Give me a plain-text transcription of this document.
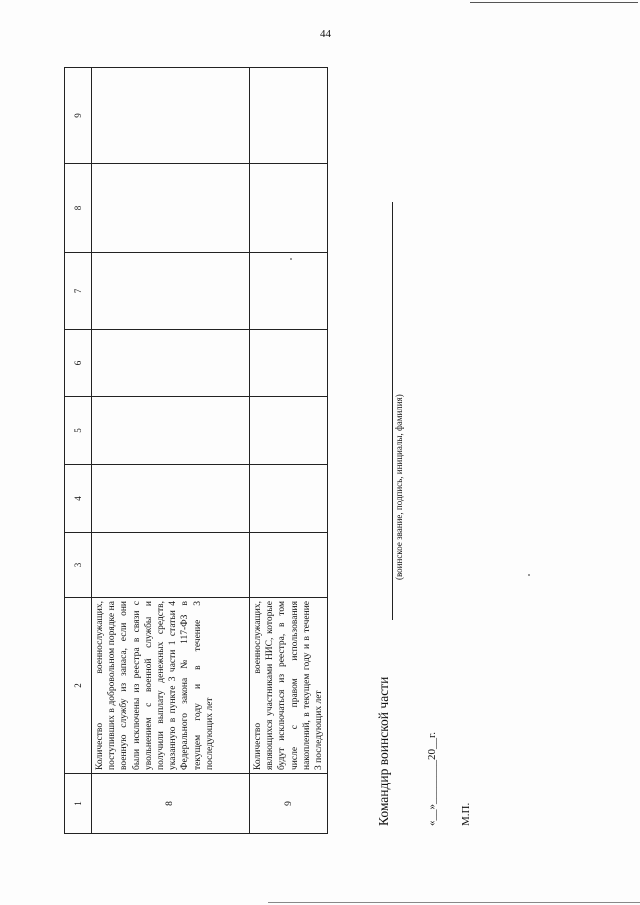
44
1	2	3	4	5	6	7	8	9
8	Количество военнослужащих, поступивших в добровольном порядке на военную службу из запаса, если они были исключены из реестра в связи с увольнением с военной службы и получили выплату денежных средств, указанную в пункте 3 части 1 статьи 4 Федерального закона № 117-ФЗ в текущем году и в течение 3 последующих лет							

9	Количество военнослужащих, являющихся участниками НИС, которые будут исключаться из реестра, в том числе с правом использования накоплений, в текущем году и в течение 3 последующих лет							
								Командир воинской части
(воинское звание, подпись, инициалы, фамилия)
«__»________20__г. М.П.
